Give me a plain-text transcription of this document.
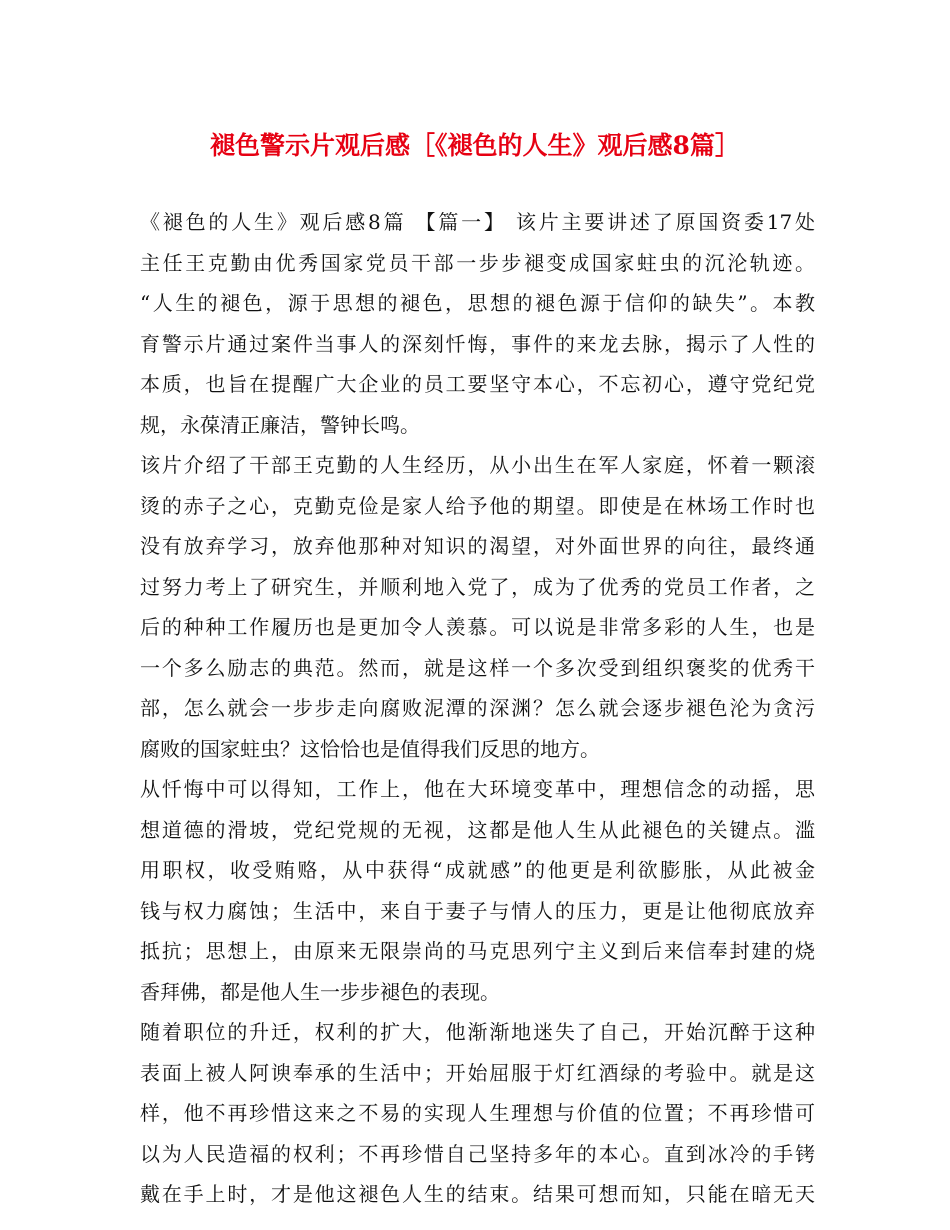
褪色警示片观后感［《褪色的人生》观后感8篇］
《褪色的人生》观后感8篇 【篇一】 该片主要讲述了原国资委17处
主任王克勤由优秀国家党员干部一步步褪变成国家蛀虫的沉沦轨迹。
“人生的褪色，源于思想的褪色，思想的褪色源于信仰的缺失”。本教
育警示片通过案件当事人的深刻忏悔，事件的来龙去脉，揭示了人性的
本质，也旨在提醒广大企业的员工要坚守本心，不忘初心，遵守党纪党
规，永葆清正廉洁，警钟长鸣。
该片介绍了干部王克勤的人生经历，从小出生在军人家庭，怀着一颗滚
烫的赤子之心，克勤克俭是家人给予他的期望。即使是在林场工作时也
没有放弃学习，放弃他那种对知识的渴望，对外面世界的向往，最终通
过努力考上了研究生，并顺利地入党了，成为了优秀的党员工作者，之
后的种种工作履历也是更加令人羡慕。可以说是非常多彩的人生，也是
一个多么励志的典范。然而，就是这样一个多次受到组织褒奖的优秀干
部，怎么就会一步步走向腐败泥潭的深渊？怎么就会逐步褪色沦为贪污
腐败的国家蛀虫？这恰恰也是值得我们反思的地方。
从忏悔中可以得知，工作上，他在大环境变革中，理想信念的动摇，思
想道德的滑坡，党纪党规的无视，这都是他人生从此褪色的关键点。滥
用职权，收受贿赂，从中获得“成就感”的他更是利欲膨胀，从此被金
钱与权力腐蚀；生活中，来自于妻子与情人的压力，更是让他彻底放弃
抵抗；思想上，由原来无限崇尚的马克思列宁主义到后来信奉封建的烧
香拜佛，都是他人生一步步褪色的表现。
随着职位的升迁，权利的扩大，他渐渐地迷失了自己，开始沉醉于这种
表面上被人阿谀奉承的生活中；开始屈服于灯红酒绿的考验中。就是这
样，他不再珍惜这来之不易的实现人生理想与价值的位置；不再珍惜可
以为人民造福的权利；不再珍惜自己坚持多年的本心。直到冰冷的手铐
戴在手上时，才是他这褪色人生的结束。结果可想而知，只能在暗无天
